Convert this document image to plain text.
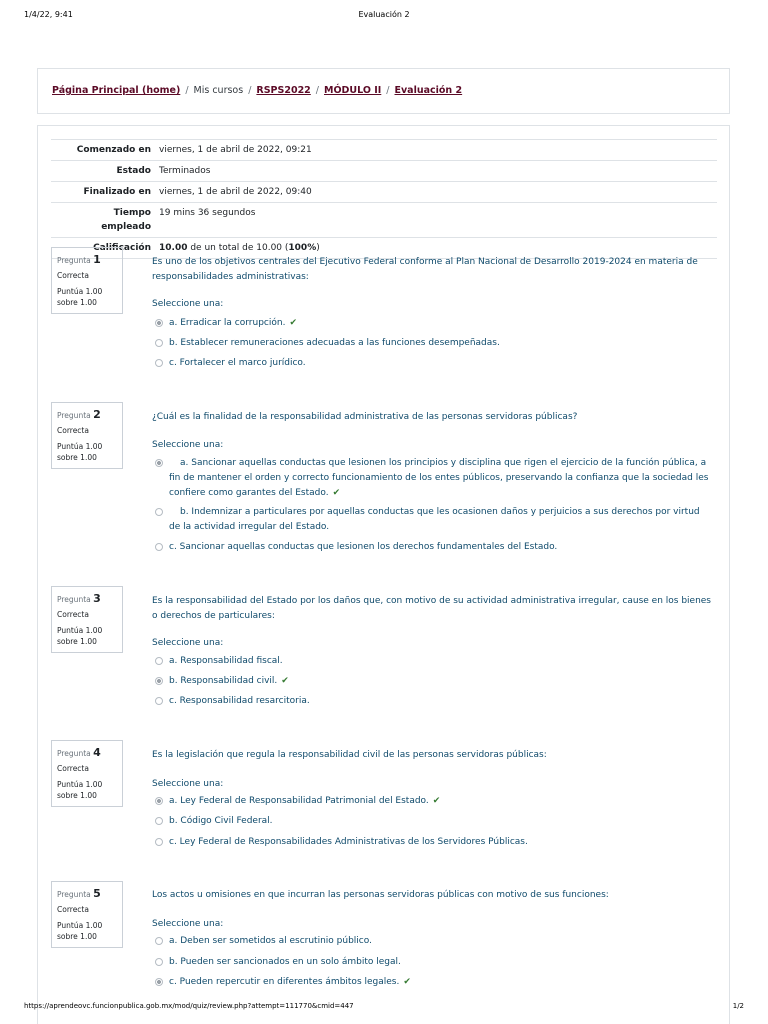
1/4/22, 9:41	Evaluación 2
Página Principal (home) / Mis cursos / RSPS2022 / MÓDULO II / Evaluación 2
Comenzado en	viernes, 1 de abril de 2022, 09:21
Estado	Terminados
Finalizado en	viernes, 1 de abril de 2022, 09:40
Tiempo
empleado	19 mins 36 segundos
Calificación	10.00 de un total de 10.00 (100%)
Pregunta 1
Correcta
Puntúa 1.00
sobre 1.00
Es uno de los objetivos centrales del Ejecutivo Federal conforme al Plan Nacional de Desarrollo 2019-2024 en materia de responsabilidades administrativas:
Seleccione una:
a. Erradicar la corrupción. ✔
b. Establecer remuneraciones adecuadas a las funciones desempeñadas.
c. Fortalecer el marco jurídico.
Pregunta 2
Correcta
Puntúa 1.00
sobre 1.00
¿Cuál es la finalidad de la responsabilidad administrativa de las personas servidoras públicas?
Seleccione una:
a. Sancionar aquellas conductas que lesionen los principios y disciplina que rigen el ejercicio de la función pública, a fin de mantener el orden y correcto funcionamiento de los entes públicos, preservando la confianza que la sociedad les confiere como garantes del Estado. ✔
b. Indemnizar a particulares por aquellas conductas que les ocasionen daños y perjuicios a sus derechos por virtud de la actividad irregular del Estado.
c. Sancionar aquellas conductas que lesionen los derechos fundamentales del Estado.
Pregunta 3
Correcta
Puntúa 1.00
sobre 1.00
Es la responsabilidad del Estado por los daños que, con motivo de su actividad administrativa irregular, cause en los bienes o derechos de particulares:
Seleccione una:
a. Responsabilidad fiscal.
b. Responsabilidad civil. ✔
c. Responsabilidad resarcitoria.
Pregunta 4
Correcta
Puntúa 1.00
sobre 1.00
Es la legislación que regula la responsabilidad civil de las personas servidoras públicas:
Seleccione una:
a. Ley Federal de Responsabilidad Patrimonial del Estado. ✔
b. Código Civil Federal.
c. Ley Federal de Responsabilidades Administrativas de los Servidores Públicas.
Pregunta 5
Correcta
Puntúa 1.00
sobre 1.00
Los actos u omisiones en que incurran las personas servidoras públicas con motivo de sus funciones:
Seleccione una:
a. Deben ser sometidos al escrutinio público.
b. Pueden ser sancionados en un solo ámbito legal.
c. Pueden repercutir en diferentes ámbitos legales. ✔
https://aprendeovc.funcionpublica.gob.mx/mod/quiz/review.php?attempt=111770&cmid=447	1/2
